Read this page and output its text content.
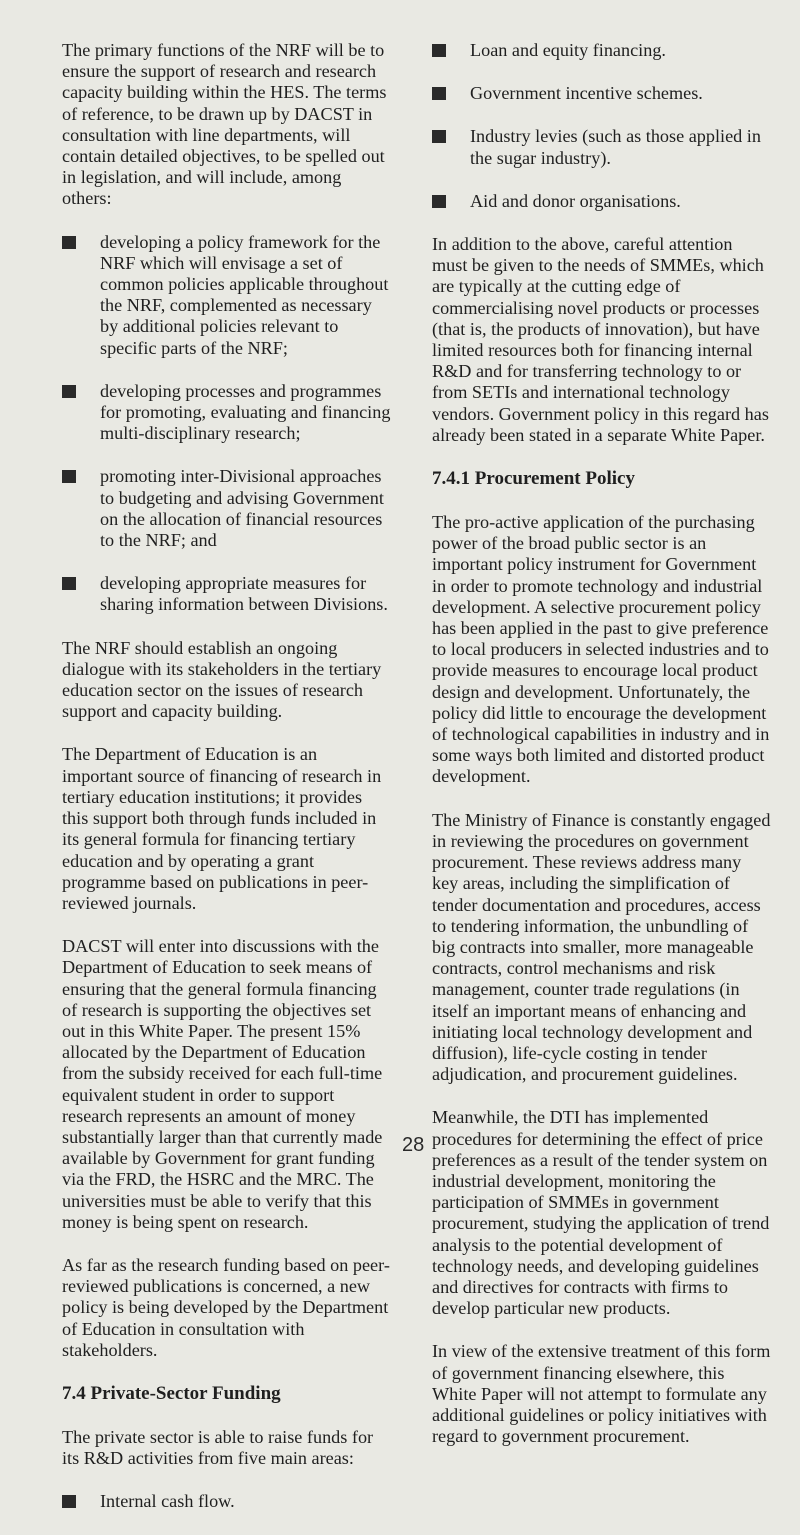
The primary functions of the NRF will be to ensure the support of research and research capacity building within the HES. The terms of reference, to be drawn up by DACST in consultation with line departments, will contain detailed objectives, to be spelled out in legislation, and will include, among others:

developing a policy framework for the NRF which will envisage a set of common policies applicable throughout the NRF, complemented as necessary by additional policies relevant to specific parts of the NRF;
developing processes and programmes for promoting, evaluating and financing multi-disciplinary research;
promoting inter-Divisional approaches to budgeting and advising Government on the allocation of financial resources to the NRF; and
developing appropriate measures for sharing information between Divisions.

The NRF should establish an ongoing dialogue with its stakeholders in the tertiary education sector on the issues of research support and capacity building.

The Department of Education is an important source of financing of research in tertiary education institutions; it provides this support both through funds included in its general formula for financing tertiary education and by operating a grant programme based on publications in peer-reviewed journals.

DACST will enter into discussions with the Department of Education to seek means of ensuring that the general formula financing of research is supporting the objectives set out in this White Paper. The present 15% allocated by the Department of Education from the subsidy received for each full-time equivalent student in order to support research represents an amount of money substantially larger than that currently made available by Government for grant funding via the FRD, the HSRC and the MRC. The universities must be able to verify that this money is being spent on research.

As far as the research funding based on peer-reviewed publications is concerned, a new policy is being developed by the Department of Education in consultation with stakeholders.

7.4 Private-Sector Funding

The private sector is able to raise funds for its R&D activities from five main areas:

Internal cash flow.
Loan and equity financing.
Government incentive schemes.
Industry levies (such as those applied in the sugar industry).
Aid and donor organisations.

In addition to the above, careful attention must be given to the needs of SMMEs, which are typically at the cutting edge of commercialising novel products or processes (that is, the products of innovation), but have limited resources both for financing internal R&D and for transferring technology to or from SETIs and international technology vendors. Government policy in this regard has already been stated in a separate White Paper.

7.4.1 Procurement Policy

The pro-active application of the purchasing power of the broad public sector is an important policy instrument for Government in order to promote technology and industrial development. A selective procurement policy has been applied in the past to give preference to local producers in selected industries and to provide measures to encourage local product design and development. Unfortunately, the policy did little to encourage the development of technological capabilities in industry and in some ways both limited and distorted product development.

The Ministry of Finance is constantly engaged in reviewing the procedures on government procurement. These reviews address many key areas, including the simplification of tender documentation and procedures, access to tendering information, the unbundling of big contracts into smaller, more manageable contracts, control mechanisms and risk management, counter trade regulations (in itself an important means of enhancing and initiating local technology development and diffusion), life-cycle costing in tender adjudication, and procurement guidelines.

Meanwhile, the DTI has implemented procedures for determining the effect of price preferences as a result of the tender system on industrial development, monitoring the participation of SMMEs in government procurement, studying the application of trend analysis to the potential development of technology needs, and developing guidelines and directives for contracts with firms to develop particular new products.

In view of the extensive treatment of this form of government financing elsewhere, this White Paper will not attempt to formulate any additional guidelines or policy initiatives with regard to government procurement.

28
